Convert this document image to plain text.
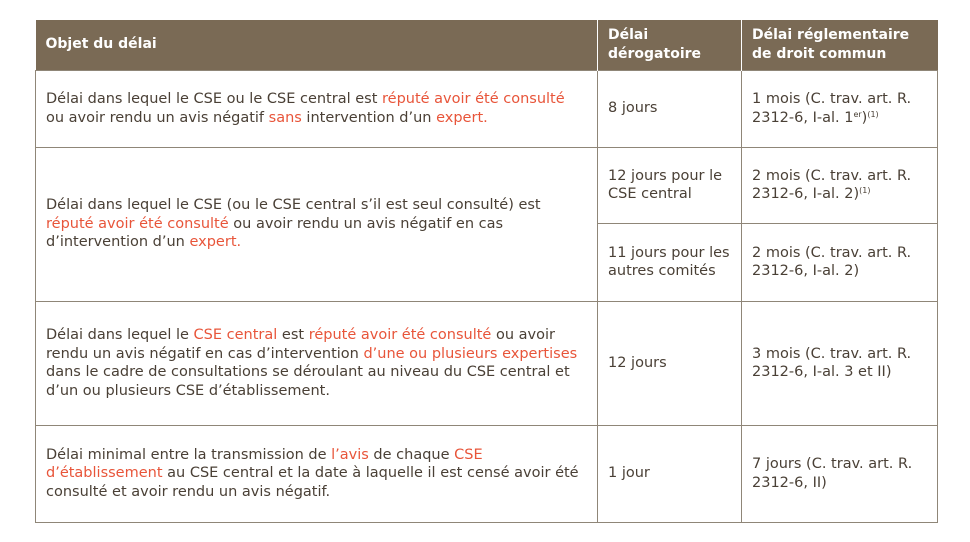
Objet du délai	Délai dérogatoire	Délai réglementaire de droit commun
Délai dans lequel le CSE ou le CSE central est réputé avoir été consulté ou avoir rendu un avis négatif sans intervention d’un expert.	8 jours	1 mois (C. trav. art. R. 2312-6, I-al. 1er)$^{(1)}$
Délai dans lequel le CSE (ou le CSE central s’il est seul consulté) est réputé avoir été consulté ou avoir rendu un avis négatif en cas d’intervention d’un expert.	12 jours pour le CSE central	2 mois (C. trav. art. R. 2312-6, I-al. 2)$^{(1)}$
	11 jours pour les autres comités	2 mois (C. trav. art. R. 2312-6, I-al. 2)
Délai dans lequel le CSE central est réputé avoir été consulté ou avoir rendu un avis négatif en cas d’intervention d’une ou plusieurs expertises dans le cadre de consultations se déroulant au niveau du CSE central et d’un ou plusieurs CSE d’établissement.	12 jours	3 mois (C. trav. art. R. 2312-6, I-al. 3 et II)
Délai minimal entre la transmission de l’avis de chaque CSE d’établissement au CSE central et la date à laquelle il est censé avoir été consulté et avoir rendu un avis négatif.	1 jour	7 jours (C. trav. art. R. 2312-6, II)
